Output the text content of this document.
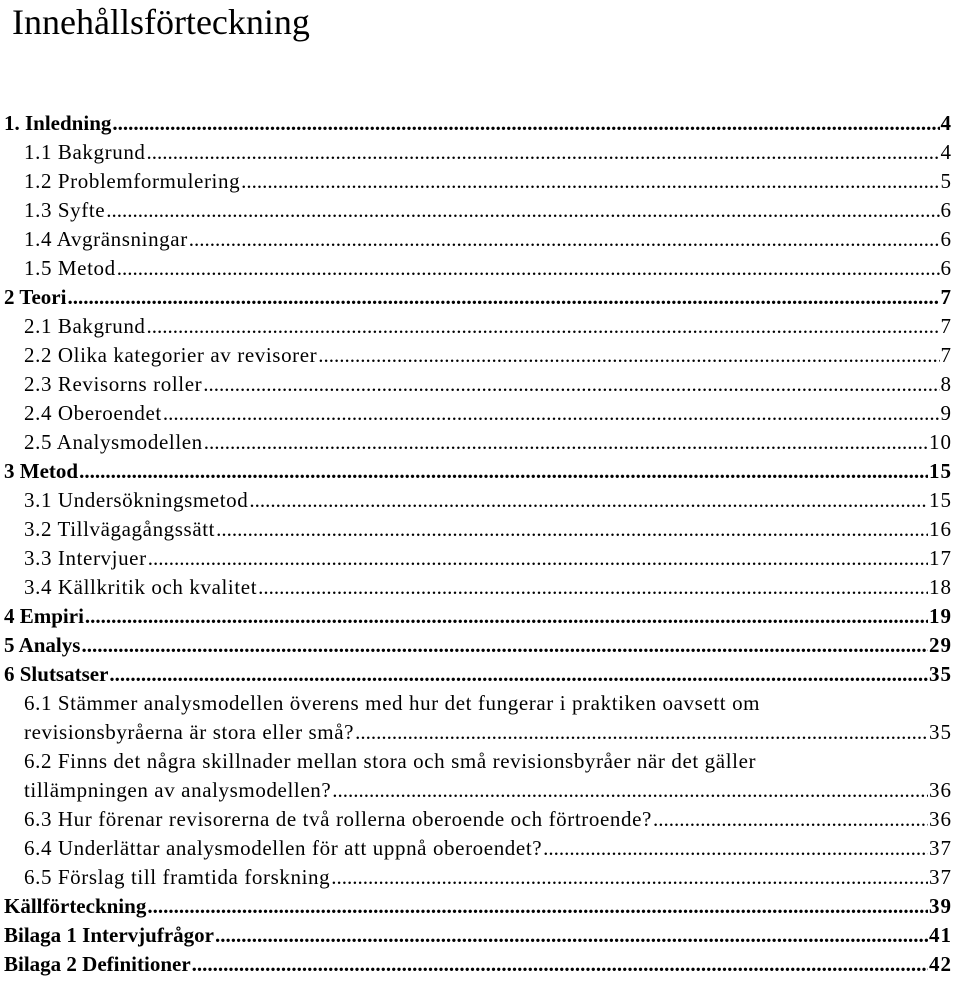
Innehållsförteckning
1. Inledning .....	4
1.1 Bakgrund .....	4
1.2 Problemformulering .....	5
1.3 Syfte .....	6
1.4 Avgränsningar .....	6
1.5 Metod .....	6
2 Teori .....	7
2.1 Bakgrund .....	7
2.2 Olika kategorier av revisorer .....	7
2.3 Revisorns roller .....	8
2.4 Oberoendet .....	9
2.5 Analysmodellen .....	10
3 Metod .....	15
3.1 Undersökningsmetod .....	15
3.2 Tillvägagångssätt .....	16
3.3 Intervjuer .....	17
3.4 Källkritik och kvalitet .....	18
4 Empiri .....	19
5 Analys .....	29
6 Slutsatser .....	35
6.1 Stämmer analysmodellen överens med hur det fungerar i praktiken oavsett om
revisionsbyråerna är stora eller små? .....	35
6.2 Finns det några skillnader mellan stora och små revisionsbyråer när det gäller
tillämpningen av analysmodellen? .....	36
6.3 Hur förenar revisorerna de två rollerna oberoende och förtroende? .....	36
6.4 Underlättar analysmodellen för att uppnå oberoendet? .....	37
6.5 Förslag till framtida forskning .....	37
Källförteckning .....	39
Bilaga 1 Intervjufrågor .....	41
Bilaga 2 Definitioner .....	42
